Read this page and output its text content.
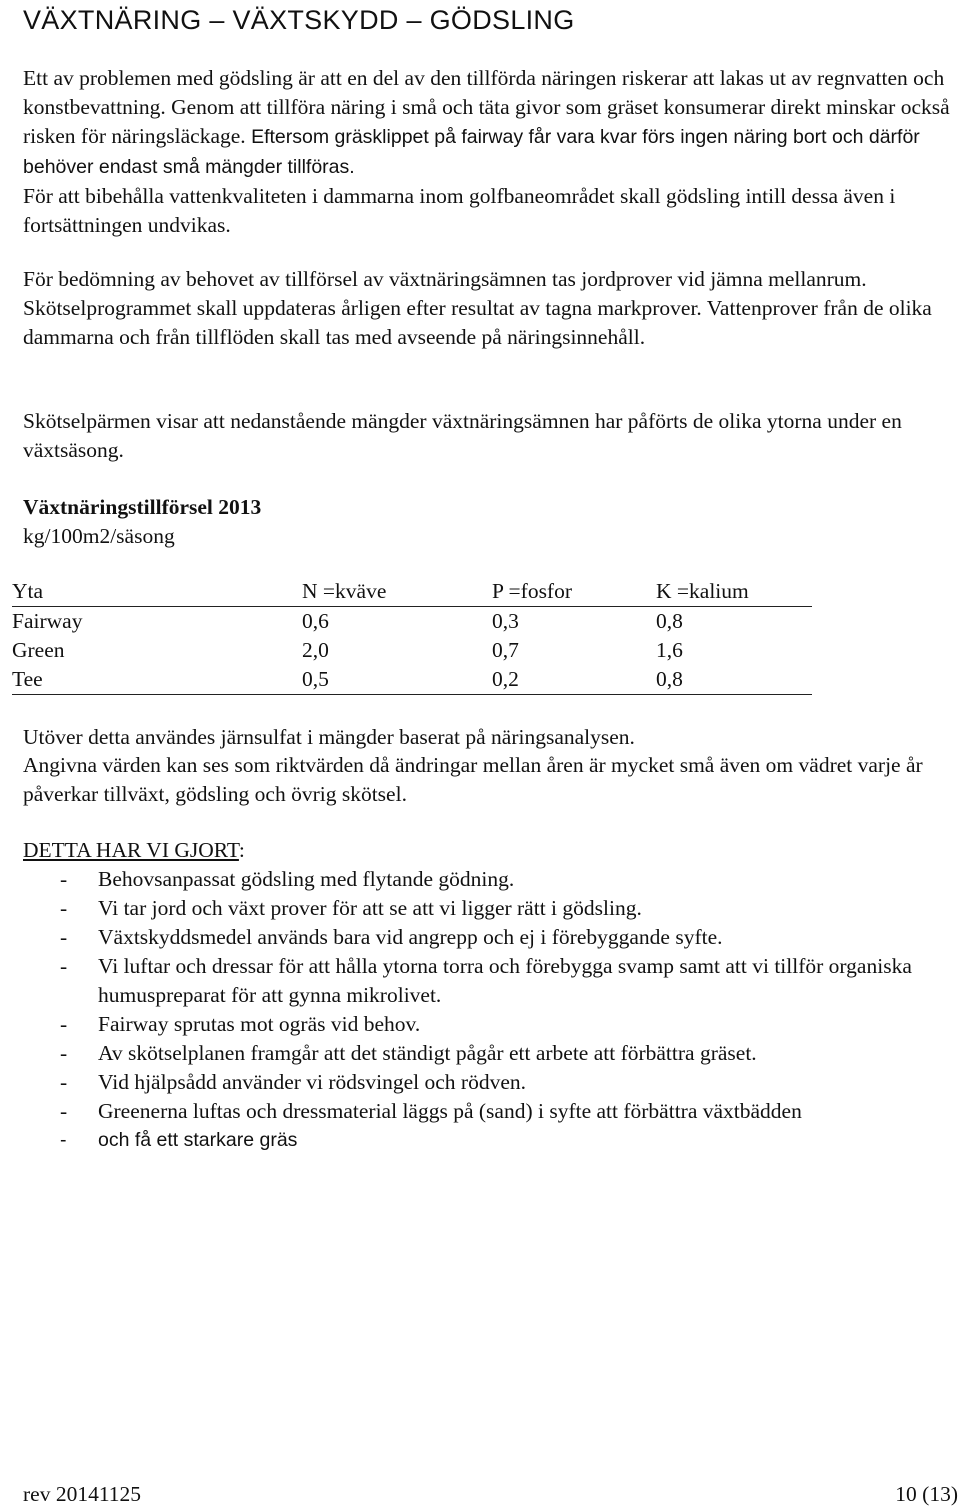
VÄXTNÄRING – VÄXTSKYDD – GÖDSLING

Ett av problemen med gödsling är att en del av den tillförda näringen riskerar att lakas ut av regnvatten och konstbevattning. Genom att tillföra näring i små och täta givor som gräset konsumerar direkt minskar också risken för näringsläckage. Eftersom gräsklippet på fairway får vara kvar förs ingen näring bort och därför behöver endast små mängder tillföras.
För att bibehålla vattenkvaliteten i dammarna inom golfbaneområdet skall gödsling intill dessa även i fortsättningen undvikas.

För bedömning av behovet av tillförsel av växtnäringsämnen tas jordprover vid jämna mellanrum. Skötselprogrammet skall uppdateras årligen efter resultat av tagna markprover. Vattenprover från de olika dammarna och från tillflöden skall tas med avseende på näringsinnehåll.

Skötselpärmen visar att nedanstående mängder växtnäringsämnen har påförts de olika ytorna under en växtsäsong.

Växtnäringstillförsel 2013
kg/100m2/säsong
Yta	N =kväve	P =fosfor	K =kalium
Fairway	0,6	0,3	0,8
Green	2,0	0,7	1,6
Tee	0,5	0,2	0,8

Utöver detta användes järnsulfat i mängder baserat på näringsanalysen.

Angivna värden kan ses som riktvärden då ändringar mellan åren är mycket små även om vädret varje år påverkar tillväxt, gödsling och övrig skötsel.

DETTA HAR VI GJORT:

- Behovsanpassat gödsling med flytande gödning.
- Vi tar jord och växt prover för att se att vi ligger rätt i gödsling.
- Växtskyddsmedel används bara vid angrepp och ej i förebyggande syfte.
- Vi luftar och dressar för att hålla ytorna torra och förebygga svamp samt att vi tillför organiska humuspreparat för att gynna mikrolivet.
- Fairway sprutas mot ogräs vid behov.
- Av skötselplanen framgår att det ständigt pågår ett arbete att förbättra gräset.
- Vid hjälpsådd använder vi rödsvingel och rödven.
- Greenerna luftas och dressmaterial läggs på (sand) i syfte att förbättra växtbädden
- och få ett starkare gräs

rev 20141125	10 (13)
